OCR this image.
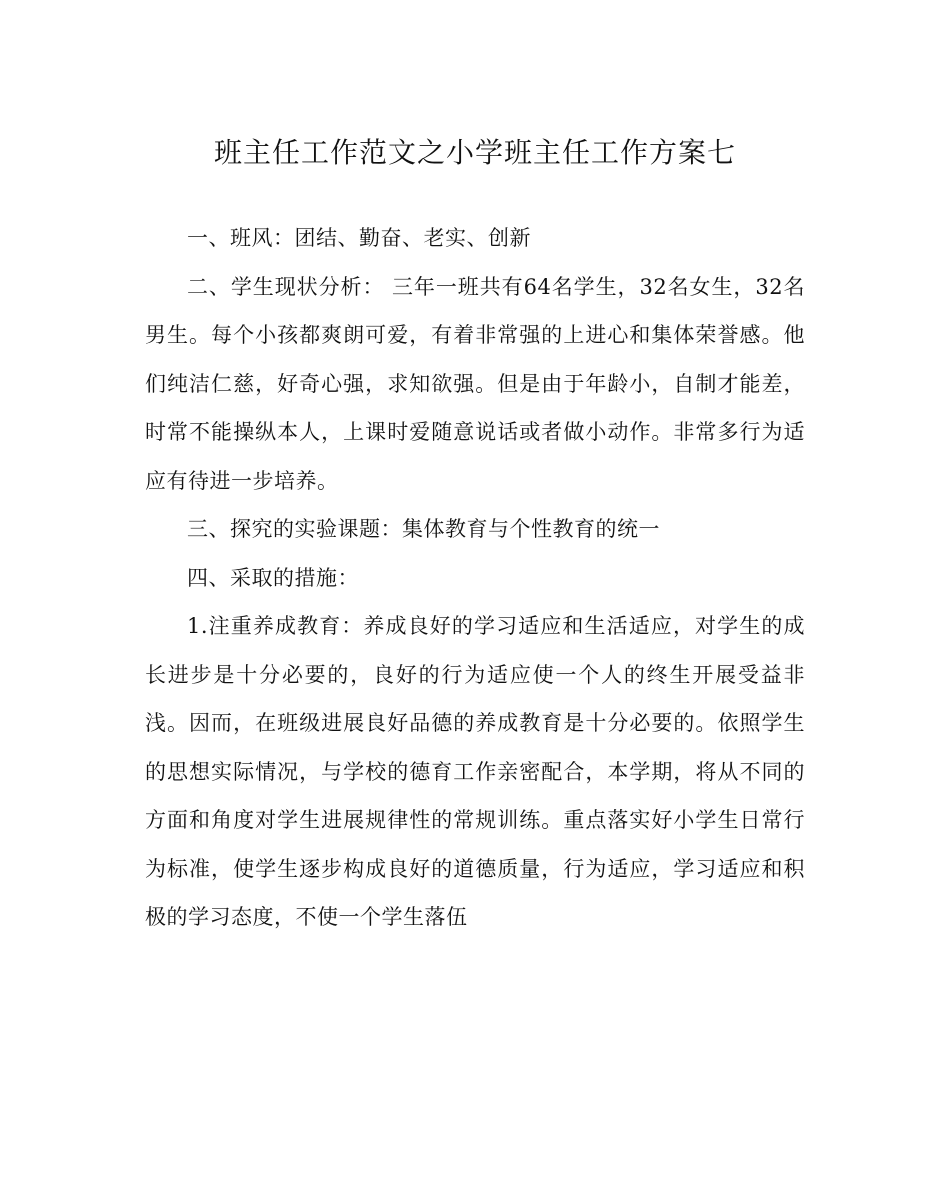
班主任工作范文之小学班主任工作方案七

一、班风：团结、勤奋、老实、创新

二、学生现状分析： 三年一班共有64名学生，32名女生，32名男生。每个小孩都爽朗可爱，有着非常强的上进心和集体荣誉感。他们纯洁仁慈，好奇心强，求知欲强。但是由于年龄小，自制才能差，时常不能操纵本人，上课时爱随意说话或者做小动作。非常多行为适应有待进一步培养。

三、探究的实验课题：集体教育与个性教育的统一

四、采取的措施：

1.注重养成教育：养成良好的学习适应和生活适应，对学生的成长进步是十分必要的，良好的行为适应使一个人的终生开展受益非浅。因而，在班级进展良好品德的养成教育是十分必要的。依照学生的思想实际情况，与学校的德育工作亲密配合，本学期，将从不同的方面和角度对学生进展规律性的常规训练。重点落实好小学生日常行为标准，使学生逐步构成良好的道德质量，行为适应，学习适应和积极的学习态度，不使一个学生落伍
